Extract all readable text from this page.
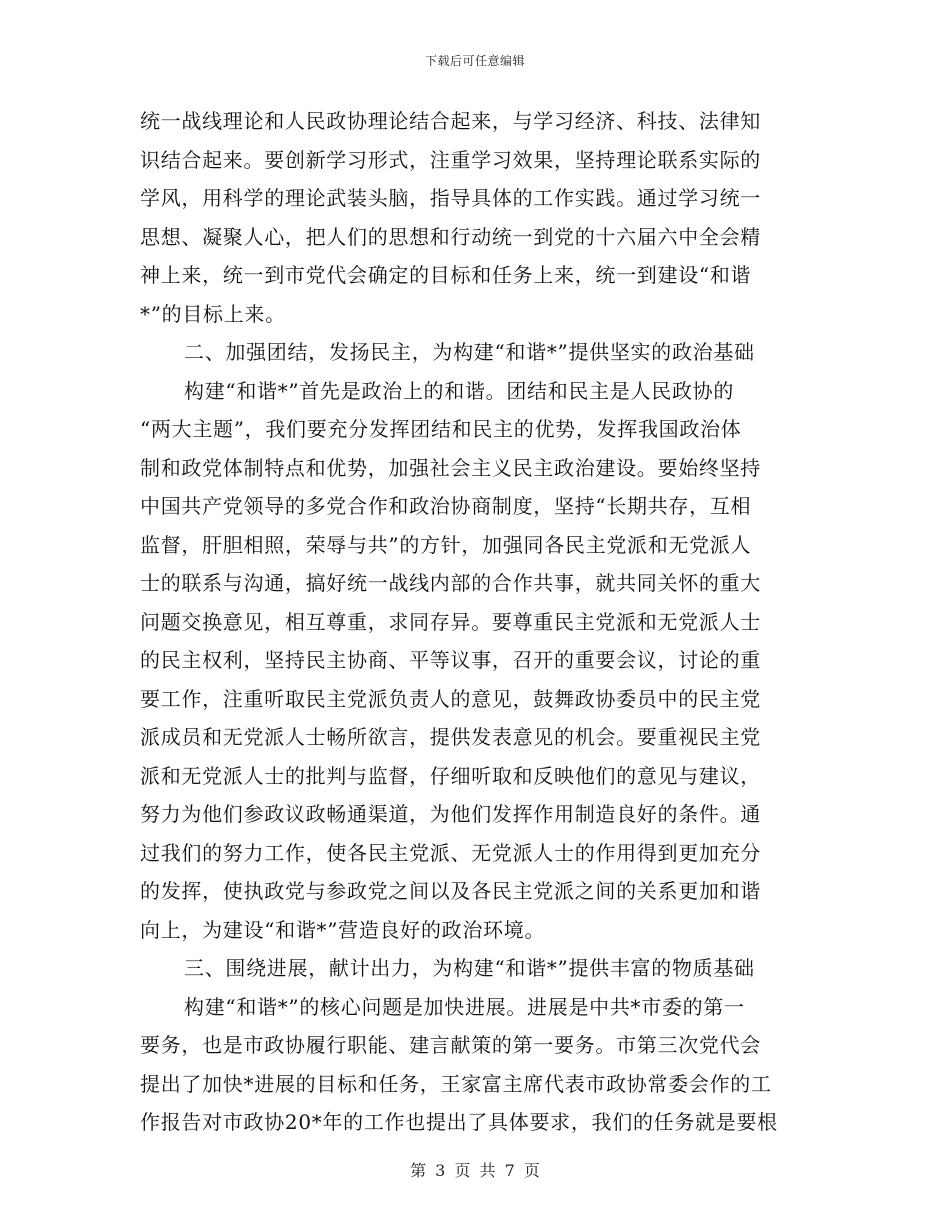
下载后可任意编辑
统一战线理论和人民政协理论结合起来，与学习经济、科技、法律知
识结合起来。要创新学习形式，注重学习效果，坚持理论联系实际的
学风，用科学的理论武装头脑，指导具体的工作实践。通过学习统一
思想、凝聚人心，把人们的思想和行动统一到党的十六届六中全会精
神上来，统一到市党代会确定的目标和任务上来，统一到建设“和谐
*”的目标上来。
二、加强团结，发扬民主，为构建“和谐*”提供坚实的政治基础
构建“和谐*”首先是政治上的和谐。团结和民主是人民政协的
“两大主题”，我们要充分发挥团结和民主的优势，发挥我国政治体
制和政党体制特点和优势，加强社会主义民主政治建设。要始终坚持
中国共产党领导的多党合作和政治协商制度，坚持“长期共存，互相
监督，肝胆相照，荣辱与共”的方针，加强同各民主党派和无党派人
士的联系与沟通，搞好统一战线内部的合作共事，就共同关怀的重大
问题交换意见，相互尊重，求同存异。要尊重民主党派和无党派人士
的民主权利，坚持民主协商、平等议事，召开的重要会议，讨论的重
要工作，注重听取民主党派负责人的意见，鼓舞政协委员中的民主党
派成员和无党派人士畅所欲言，提供发表意见的机会。要重视民主党
派和无党派人士的批判与监督，仔细听取和反映他们的意见与建议，
努力为他们参政议政畅通渠道，为他们发挥作用制造良好的条件。通
过我们的努力工作，使各民主党派、无党派人士的作用得到更加充分
的发挥，使执政党与参政党之间以及各民主党派之间的关系更加和谐
向上，为建设“和谐*”营造良好的政治环境。
三、围绕进展，献计出力，为构建“和谐*”提供丰富的物质基础
构建“和谐*”的核心问题是加快进展。进展是中共*市委的第一
要务，也是市政协履行职能、建言献策的第一要务。市第三次党代会
提出了加快*进展的目标和任务，王家富主席代表市政协常委会作的工
作报告对市政协20*年的工作也提出了具体要求，我们的任务就是要根
第 3 页 共 7 页
